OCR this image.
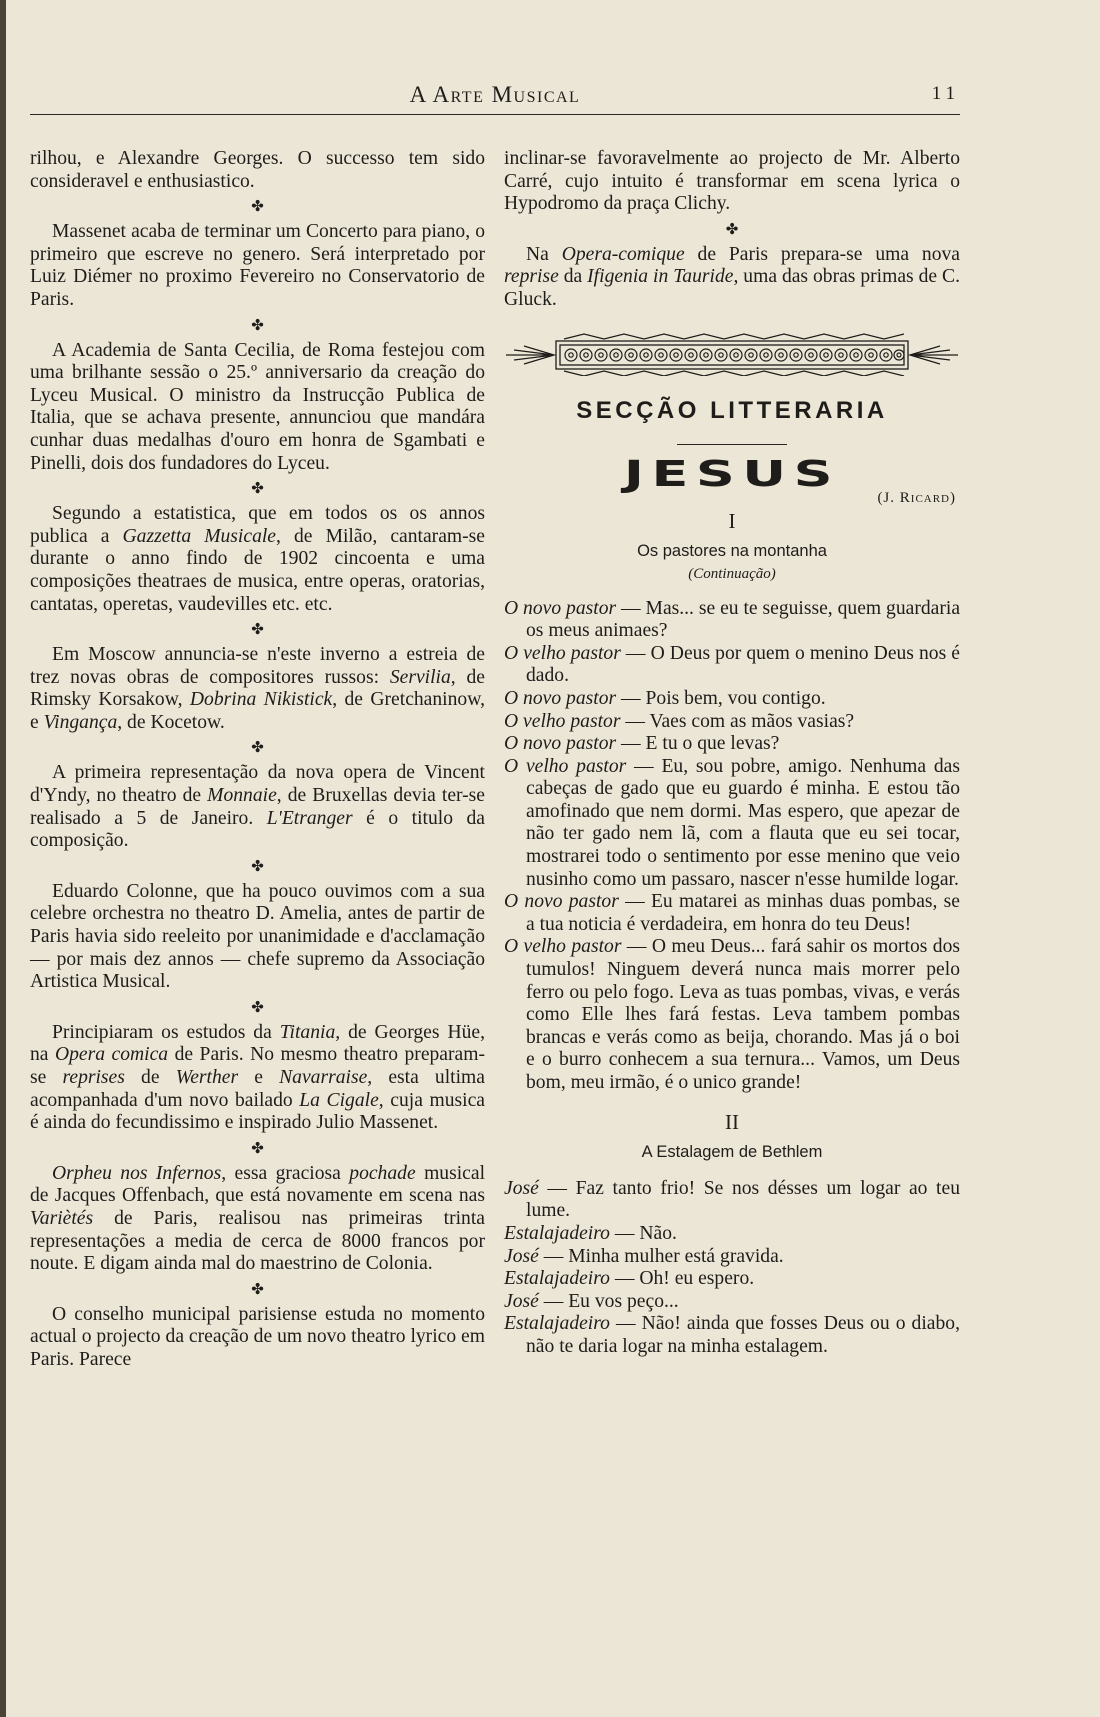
A Arte Musical	11

rilhou, e Alexandre Georges. O successo tem sido consideravel e enthusiastico.

✤

Massenet acaba de terminar um Concerto para piano, o primeiro que escreve no genero. Será interpretado por Luiz Diémer no proximo Fevereiro no Conservatorio de Paris.

✤

A Academia de Santa Cecilia, de Roma festejou com uma brilhante sessão o 25.º anniversario da creação do Lyceu Musical. O ministro da Instrucção Publica de Italia, que se achava presente, annunciou que mandára cunhar duas medalhas d'ouro em honra de Sgambati e Pinelli, dois dos fundadores do Lyceu.

✤

Segundo a estatistica, que em todos os os annos publica a Gazzetta Musicale, de Milão, cantaram-se durante o anno findo de 1902 cincoenta e uma composições theatraes de musica, entre operas, oratorias, cantatas, operetas, vaudevilles etc. etc.

✤

Em Moscow annuncia-se n'este inverno a estreia de trez novas obras de compositores russos: Servilia, de Rimsky Korsakow, Dobrina Nikistick, de Gretchaninow, e Vingança, de Kocetow.

✤

A primeira representação da nova opera de Vincent d'Yndy, no theatro de Monnaie, de Bruxellas devia ter-se realisado a 5 de Janeiro. L'Etranger é o titulo da composição.

✤

Eduardo Colonne, que ha pouco ouvimos com a sua celebre orchestra no theatro D. Amelia, antes de partir de Paris havia sido reeleito por unanimidade e d'acclamação — por mais dez annos — chefe supremo da Associação Artistica Musical.

✤

Principiaram os estudos da Titania, de Georges Hüe, na Opera comica de Paris. No mesmo theatro preparam-se reprises de Werther e Navarraise, esta ultima acompanhada d'um novo bailado La Cigale, cuja musica é ainda do fecundissimo e inspirado Julio Massenet.

✤

Orpheu nos Infernos, essa graciosa pochade musical de Jacques Offenbach, que está novamente em scena nas Variètés de Paris, realisou nas primeiras trinta representações a media de cerca de 8000 francos por noute. E digam ainda mal do maestrino de Colonia.

✤

O conselho municipal parisiense estuda no momento actual o projecto da creação de um novo theatro lyrico em Paris. Parece

inclinar-se favoravelmente ao projecto de Mr. Alberto Carré, cujo intuito é transformar em scena lyrica o Hypodromo da praça Clichy.

✤

Na Opera-comique de Paris prepara-se uma nova reprise da Ifigenia in Tauride, uma das obras primas de C. Gluck.

SECÇÃO LITTERARIA
JESUS
(J. Ricard)
I
Os pastores na montanha
(Continuação)

O novo pastor — Mas... se eu te seguisse, quem guardaria os meus animaes?

O velho pastor — O Deus por quem o menino Deus nos é dado.

O novo pastor — Pois bem, vou contigo.

O velho pastor — Vaes com as mãos vasias?

O novo pastor — E tu o que levas?

O velho pastor — Eu, sou pobre, amigo. Nenhuma das cabeças de gado que eu guardo é minha. E estou tão amofinado que nem dormi. Mas espero, que apezar de não ter gado nem lã, com a flauta que eu sei tocar, mostrarei todo o sentimento por esse menino que veio nusinho como um passaro, nascer n'esse humilde logar.

O novo pastor — Eu matarei as minhas duas pombas, se a tua noticia é verdadeira, em honra do teu Deus!

O velho pastor — O meu Deus... fará sahir os mortos dos tumulos! Ninguem deverá nunca mais morrer pelo ferro ou pelo fogo. Leva as tuas pombas, vivas, e verás como Elle lhes fará festas. Leva tambem pombas brancas e verás como as beija, chorando. Mas já o boi e o burro conhecem a sua ternura... Vamos, um Deus bom, meu irmão, é o unico grande!

II
A Estalagem de Bethlem

José — Faz tanto frio! Se nos désses um logar ao teu lume.

Estalajadeiro — Não.

José — Minha mulher está gravida.

Estalajadeiro — Oh! eu espero.

José — Eu vos peço...

Estalajadeiro — Não! ainda que fosses Deus ou o diabo, não te daria logar na minha estalagem.
